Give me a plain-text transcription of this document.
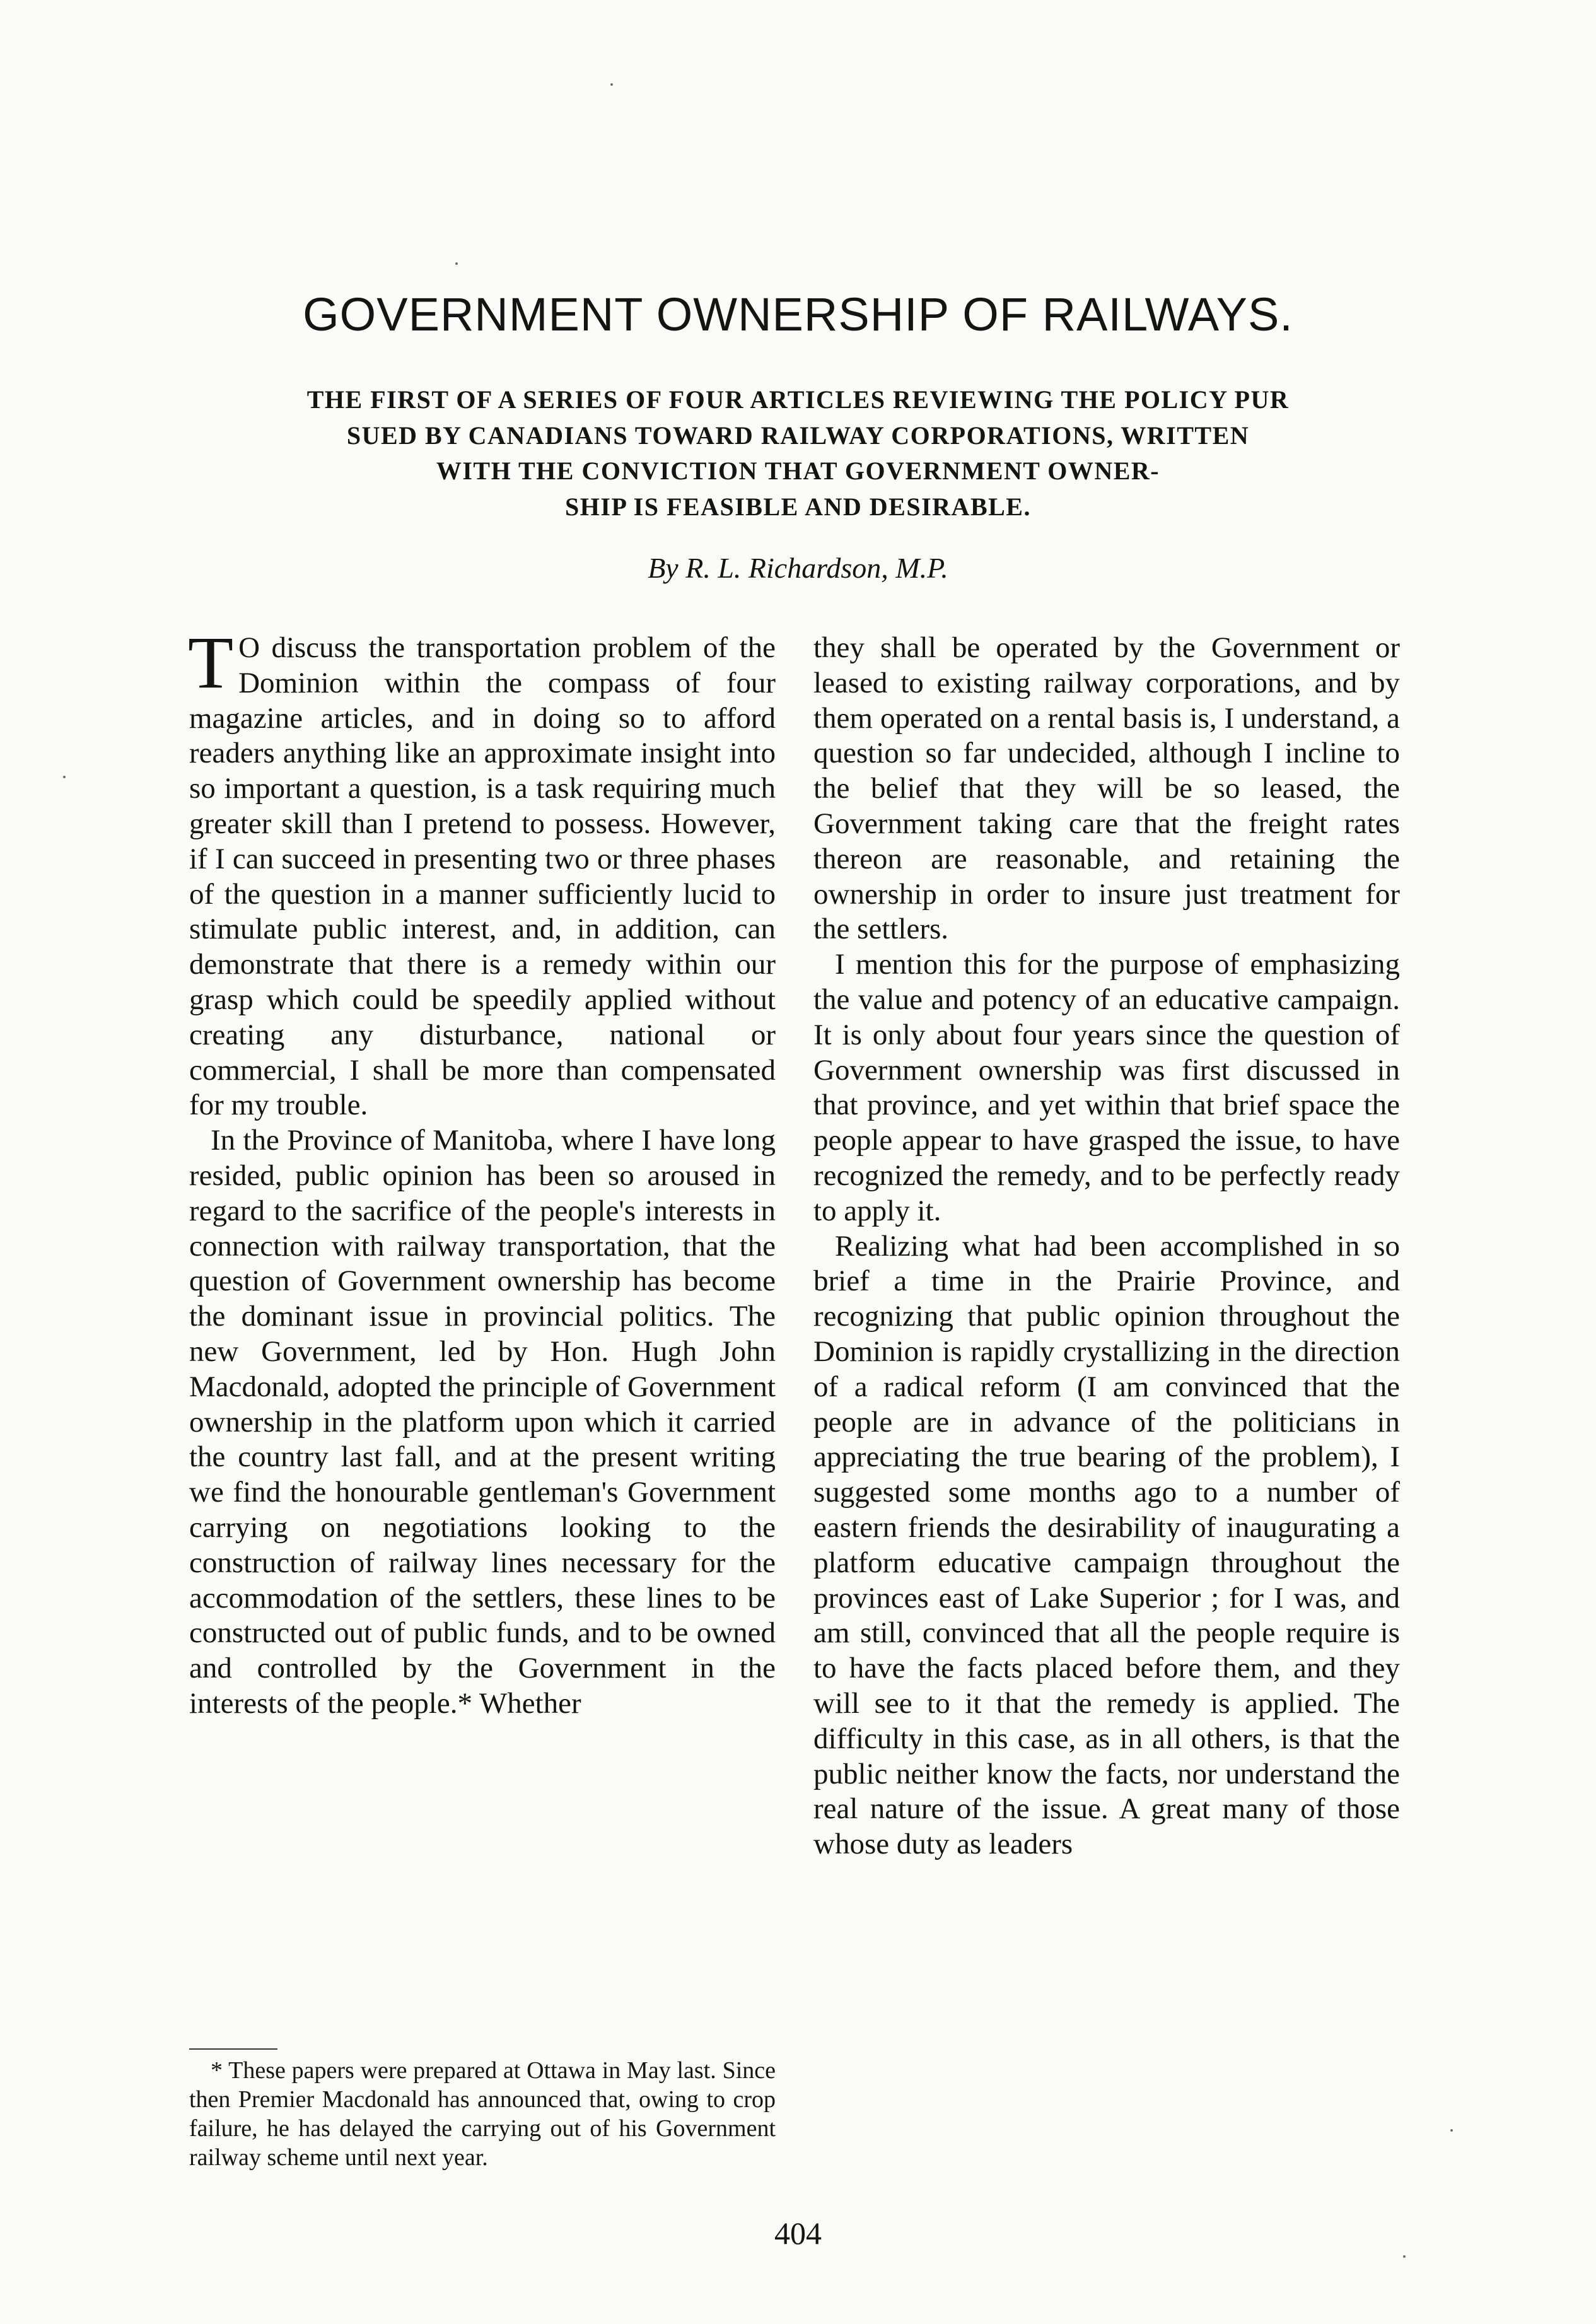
GOVERNMENT OWNERSHIP OF RAILWAYS.
THE FIRST OF A SERIES OF FOUR ARTICLES REVIEWING THE POLICY PUR
SUED BY CANADIANS TOWARD RAILWAY CORPORATIONS, WRITTEN
WITH THE CONVICTION THAT GOVERNMENT OWNER-
SHIP IS FEASIBLE AND DESIRABLE.
By R. L. Richardson, M.P.

T O discuss the transportation problem of the Dominion within the compass of four magazine articles, and in doing so to afford readers anything like an approximate insight into so important a question, is a task requiring much greater skill than I pretend to possess. However, if I can succeed in presenting two or three phases of the question in a manner sufficiently lucid to stimulate public interest, and, in addition, can demonstrate that there is a remedy within our grasp which could be speedily applied without creating any disturbance, national or commercial, I shall be more than compensated for my trouble.

In the Province of Manitoba, where I have long resided, public opinion has been so aroused in regard to the sacrifice of the people's interests in connection with railway transportation, that the question of Government ownership has become the dominant issue in provincial politics. The new Government, led by Hon. Hugh John Macdonald, adopted the principle of Government ownership in the platform upon which it carried the country last fall, and at the present writing we find the honourable gentleman's Government carrying on negotiations looking to the construction of railway lines necessary for the accommodation of the settlers, these lines to be constructed out of public funds, and to be owned and controlled by the Government in the interests of the people.* Whether

they shall be operated by the Government or leased to existing railway corporations, and by them operated on a rental basis is, I understand, a question so far undecided, although I incline to the belief that they will be so leased, the Government taking care that the freight rates thereon are reasonable, and retaining the ownership in order to insure just treatment for the settlers.

I mention this for the purpose of emphasizing the value and potency of an educative campaign. It is only about four years since the question of Government ownership was first discussed in that province, and yet within that brief space the people appear to have grasped the issue, to have recognized the remedy, and to be perfectly ready to apply it.

Realizing what had been accomplished in so brief a time in the Prairie Province, and recognizing that public opinion throughout the Dominion is rapidly crystallizing in the direction of a radical reform (I am convinced that the people are in advance of the politicians in appreciating the true bearing of the problem), I suggested some months ago to a number of eastern friends the desirability of inaugurating a platform educative campaign throughout the provinces east of Lake Superior ; for I was, and am still, convinced that all the people require is to have the facts placed before them, and they will see to it that the remedy is applied. The difficulty in this case, as in all others, is that the public neither know the facts, nor understand the real nature of the issue. A great many of those whose duty as leaders

* These papers were prepared at Ottawa in May last. Since then Premier Macdonald has announced that, owing to crop failure, he has delayed the carrying out of his Government railway scheme until next year.
404
